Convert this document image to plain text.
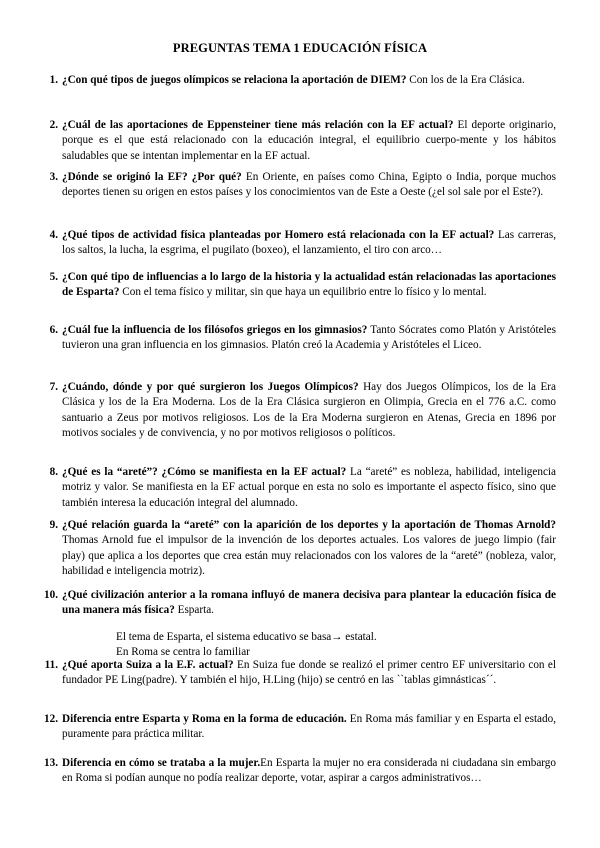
PREGUNTAS TEMA 1 EDUCACIÓN FÍSICA
1. ¿Con qué tipos de juegos olímpicos se relaciona la aportación de DIEM? Con los de la Era Clásica.
2. ¿Cuál de las aportaciones de Eppensteiner tiene más relación con la EF actual? El deporte originario, porque es el que está relacionado con la educación integral, el equilibrio cuerpo-mente y los hábitos saludables que se intentan implementar en la EF actual.
3. ¿Dónde se originó la EF? ¿Por qué? En Oriente, en países como China, Egipto o India, porque muchos deportes tienen su origen en estos países y los conocimientos van de Este a Oeste (¿el sol sale por el Este?).
4. ¿Qué tipos de actividad física planteadas por Homero está relacionada con la EF actual? Las carreras, los saltos, la lucha, la esgrima, el pugilato (boxeo), el lanzamiento, el tiro con arco…
5. ¿Con qué tipo de influencias a lo largo de la historia y la actualidad están relacionadas las aportaciones de Esparta? Con el tema físico y militar, sin que haya un equilibrio entre lo físico y lo mental.
6. ¿Cuál fue la influencia de los filósofos griegos en los gimnasios? Tanto Sócrates como Platón y Aristóteles tuvieron una gran influencia en los gimnasios. Platón creó la Academia y Aristóteles el Liceo.
7. ¿Cuándo, dónde y por qué surgieron los Juegos Olímpicos? Hay dos Juegos Olímpicos, los de la Era Clásica y los de la Era Moderna. Los de la Era Clásica surgieron en Olimpia, Grecia en el 776 a.C. como santuario a Zeus por motivos religiosos. Los de la Era Moderna surgieron en Atenas, Grecia en 1896 por motivos sociales y de convivencia, y no por motivos religiosos o políticos.
8. ¿Qué es la “areté”? ¿Cómo se manifiesta en la EF actual? La “areté” es nobleza, habilidad, inteligencia motriz y valor. Se manifiesta en la EF actual porque en esta no solo es importante el aspecto físico, sino que también interesa la educación integral del alumnado.
9. ¿Qué relación guarda la “areté” con la aparición de los deportes y la aportación de Thomas Arnold? Thomas Arnold fue el impulsor de la invención de los deportes actuales. Los valores de juego limpio (fair play) que aplica a los deportes que crea están muy relacionados con los valores de la “areté” (nobleza, valor, habilidad e inteligencia motriz).
10. ¿Qué civilización anterior a la romana influyó de manera decisiva para plantear la educación física de una manera más física? Esparta.
El tema de Esparta, el sistema educativo se basa→ estatal.
En Roma se centra lo familiar
11. ¿Qué aporta Suiza a la E.F. actual? En Suiza fue donde se realizó el primer centro EF universitario con el fundador PE Ling(padre). Y también el hijo, H.Ling (hijo) se centró en las ``tablas gimnásticas´´.
12. Diferencia entre Esparta y Roma en la forma de educación. En Roma más familiar y en Esparta el estado, puramente para práctica militar.
13. Diferencia en cómo se trataba a la mujer.En Esparta la mujer no era considerada ni ciudadana sin embargo en Roma si podían aunque no podía realizar deporte, votar, aspirar a cargos administrativos…
